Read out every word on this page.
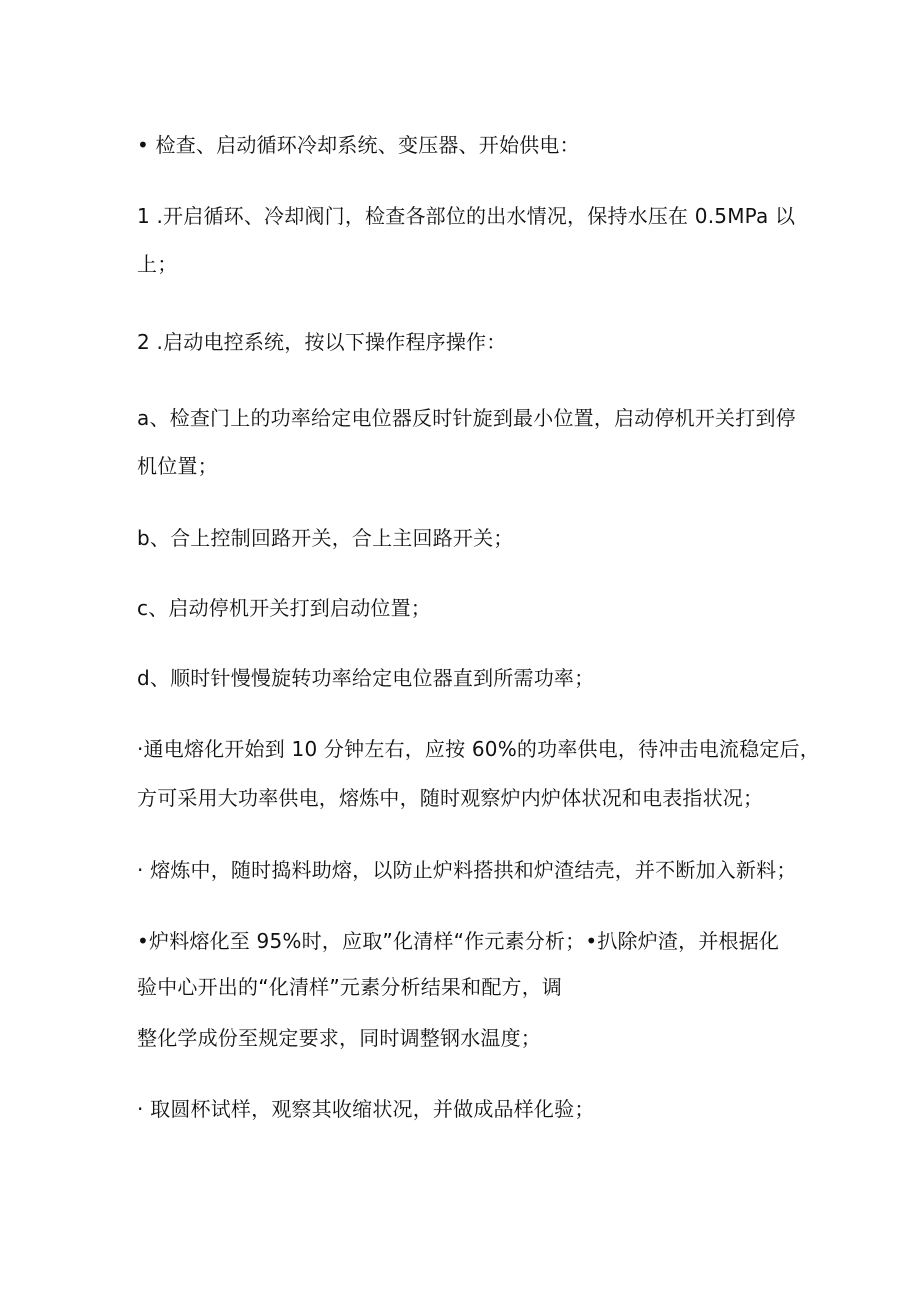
• 检查、启动循环冷却系统、变压器、开始供电：
1 .开启循环、冷却阀门，检查各部位的出水情况，保持水压在 0.5MPa 以
上；
2 .启动电控系统，按以下操作程序操作：
a、检查门上的功率给定电位器反时针旋到最小位置，启动停机开关打到停
机位置；
b、合上控制回路开关，合上主回路开关；
c、启动停机开关打到启动位置；
d、顺时针慢慢旋转功率给定电位器直到所需功率；
·通电熔化开始到 10 分钟左右，应按 60%的功率供电，待冲击电流稳定后，
方可采用大功率供电，熔炼中，随时观察炉内炉体状况和电表指状况；
· 熔炼中，随时捣料助熔，以防止炉料搭拱和炉渣结壳，并不断加入新料；
•炉料熔化至 95%时，应取”化清样“作元素分析；•扒除炉渣，并根据化
验中心开出的“化清样”元素分析结果和配方，调
整化学成份至规定要求，同时调整钢水温度；
· 取圆杯试样，观察其收缩状况，并做成品样化验；
